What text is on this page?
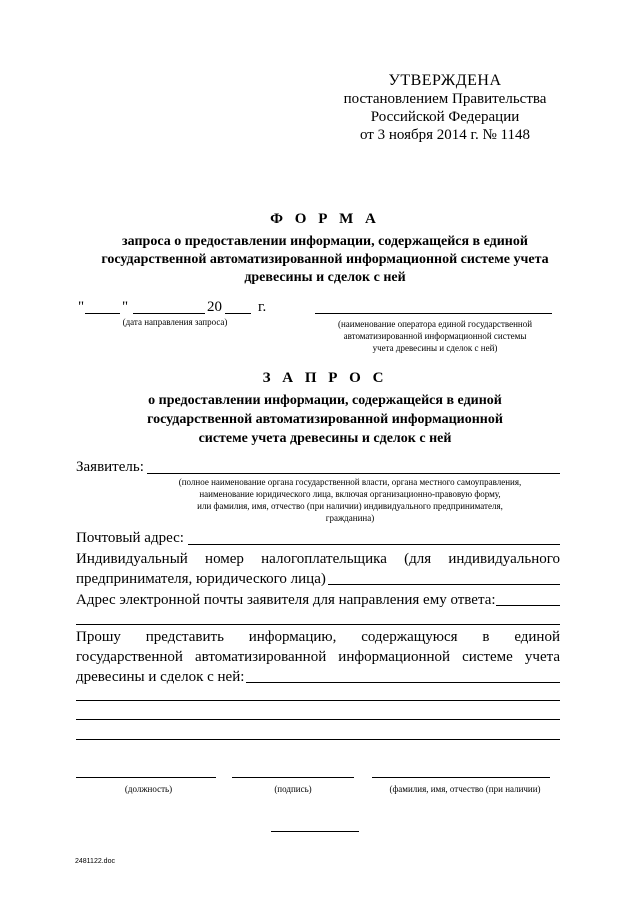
УТВЕРЖДЕНА
постановлением Правительства
Российской Федерации
от 3 ноября 2014 г. № 1148
Ф О Р М А
запроса о предоставлении информации, содержащейся в единой
государственной автоматизированной информационной системе учета
древесины и сделок с ней
"	"	20 г.
(дата направления запроса)	(наименование оператора единой государственной
автоматизированной информационной системы
учета древесины и сделок с ней)
З А П Р О С
о предоставлении информации, содержащейся в единой
государственной автоматизированной информационной
системе учета древесины и сделок с ней
Заявитель:
(полное наименование органа государственной власти, органа местного самоуправления,
наименование юридического лица, включая организационно-правовую форму,
или фамилия, имя, отчество (при наличии) индивидуального предпринимателя,
гражданина)
Почтовый адрес:
Индивидуальный номер налогоплательщика (для индивидуального
предпринимателя, юридического лица)
Адрес электронной почты заявителя для направления ему ответа:
Прошу представить информацию, содержащуюся в единой
государственной автоматизированной информационной системе учета
древесины и сделок с ней:
(должность)	(подпись)	(фамилия, имя, отчество (при наличии)
2481122.doc
